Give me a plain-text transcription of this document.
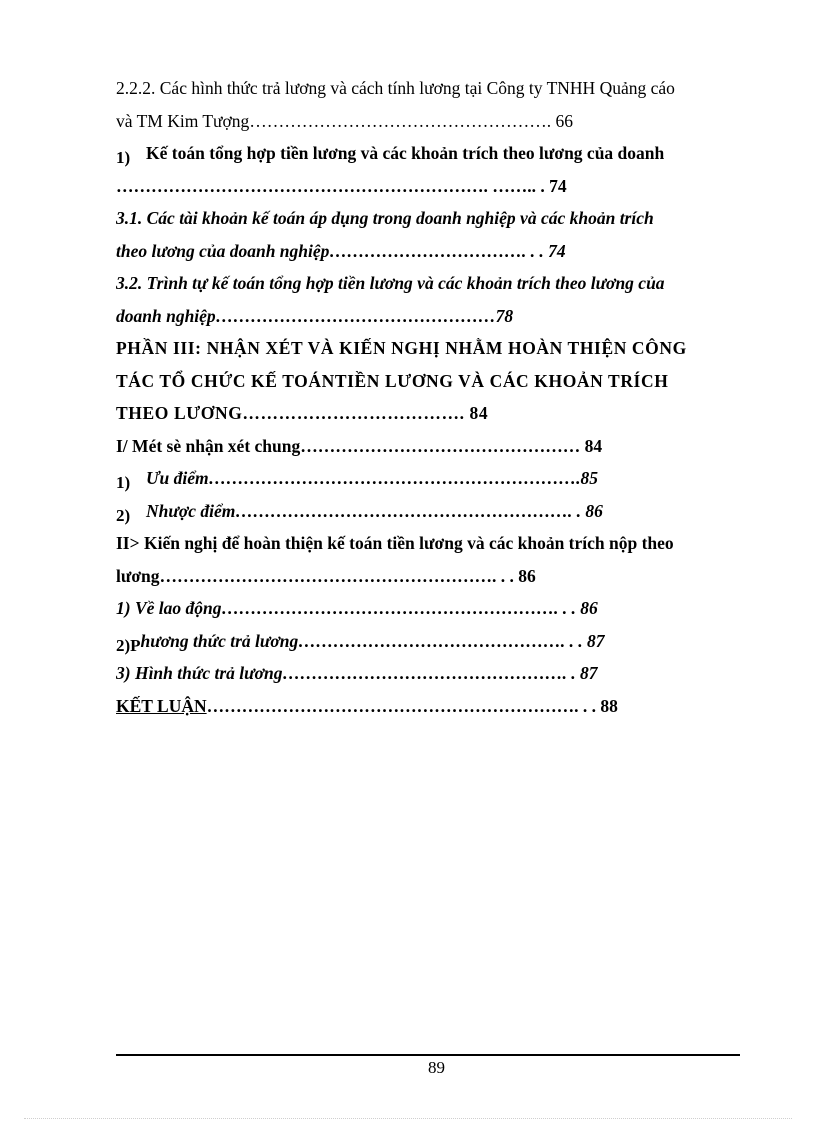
2.2.2. Các hình thức trả lương và cách tính lương tại Công ty TNHH Quảng cáo
và TM Kim Tượng……………………………………………. 66
1) Kế toán tổng hợp tiền lương và các khoản trích theo lương của doanh
………………………………………………………. …….. . 74
3.1. Các tài khoản kế toán áp dụng trong doanh nghiệp và các khoản trích
theo lương của doanh nghiệp……………………………. . . 74
3.2. Trình tự kế toán tổng hợp tiền lương và các khoản trích theo lương của
doanh nghiệp…………………………………………78
PHẦN III: NHẬN XÉT VÀ KIẾN NGHỊ NHẰM HOÀN THIỆN CÔNG
TÁC TỔ CHỨC KẾ TOÁNTIỀN LƯƠNG VÀ CÁC KHOẢN TRÍCH
THEO LƯƠNG………………………………. 84
I/ Mét sè nhận xét chung………………………………………… 84
1) Ưu điểm……………………………………………………….85
2) Nhược điểm…………………………………………………. . 86
II> Kiến nghị để hoàn thiện kế toán tiền lương và các khoản trích nộp theo
lương…………………………………………………. . . 86
1) Về lao động…………………………………………………. . . 86
2)Phương thức trả lương………………………………………. . . 87
3) Hình thức trả lương…………………………………………. . 87
KẾT LUẬN………………………………………………………. . . 88
89
